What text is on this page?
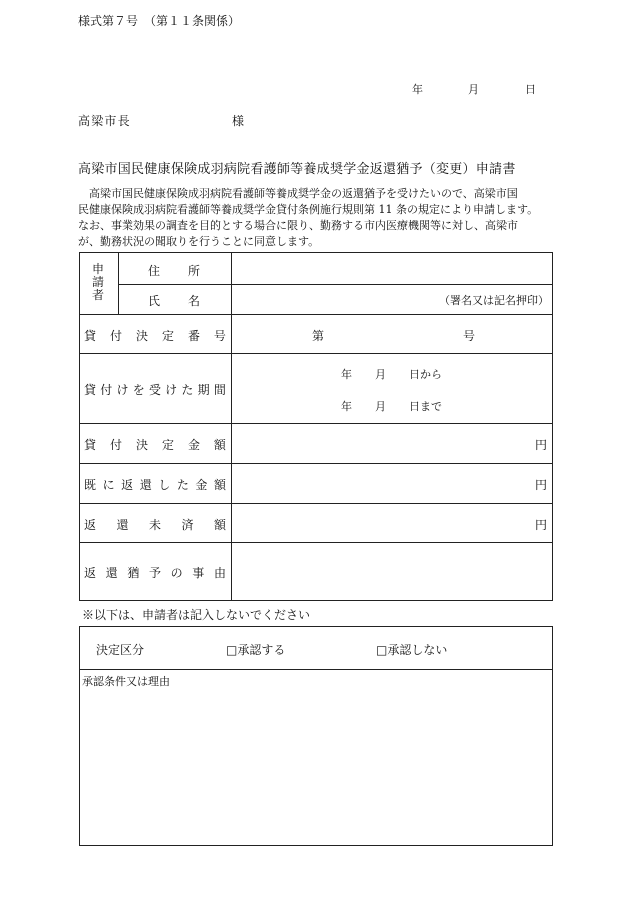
様式第７号　（第１１条関係）
年	月	日
高梁市長	様
高梁市国民健康保険成羽病院看護師等養成奨学金返還猶予（変更）申請書
　高梁市国民健康保険成羽病院看護師等養成奨学金の返還猶予を受けたいので、高梁市国
民健康保険成羽病院看護師等養成奨学金貸付条例施行規則第 11 条の規定により申請します。
なお、事業効果の調査を目的とする場合に限り、勤務する市内医療機関等に対し、高梁市
が、勤務状況の聞取りを行うことに同意します。
申
請
者
住 所
氏 名	（署名又は記名押印）
貸 付 決 定 番 号	第	号
貸 付 け を 受 け た 期 間
年 月 日から
年 月 日まで
貸 付 決 定 金 額	円
既 に 返 還 し た 金 額	円
返 還 未 済 額	円
返 還 猶 予 の 事 由
※以下は、申請者は記入しないでください
決定区分	□承認する	□承認しない
承認条件又は理由
